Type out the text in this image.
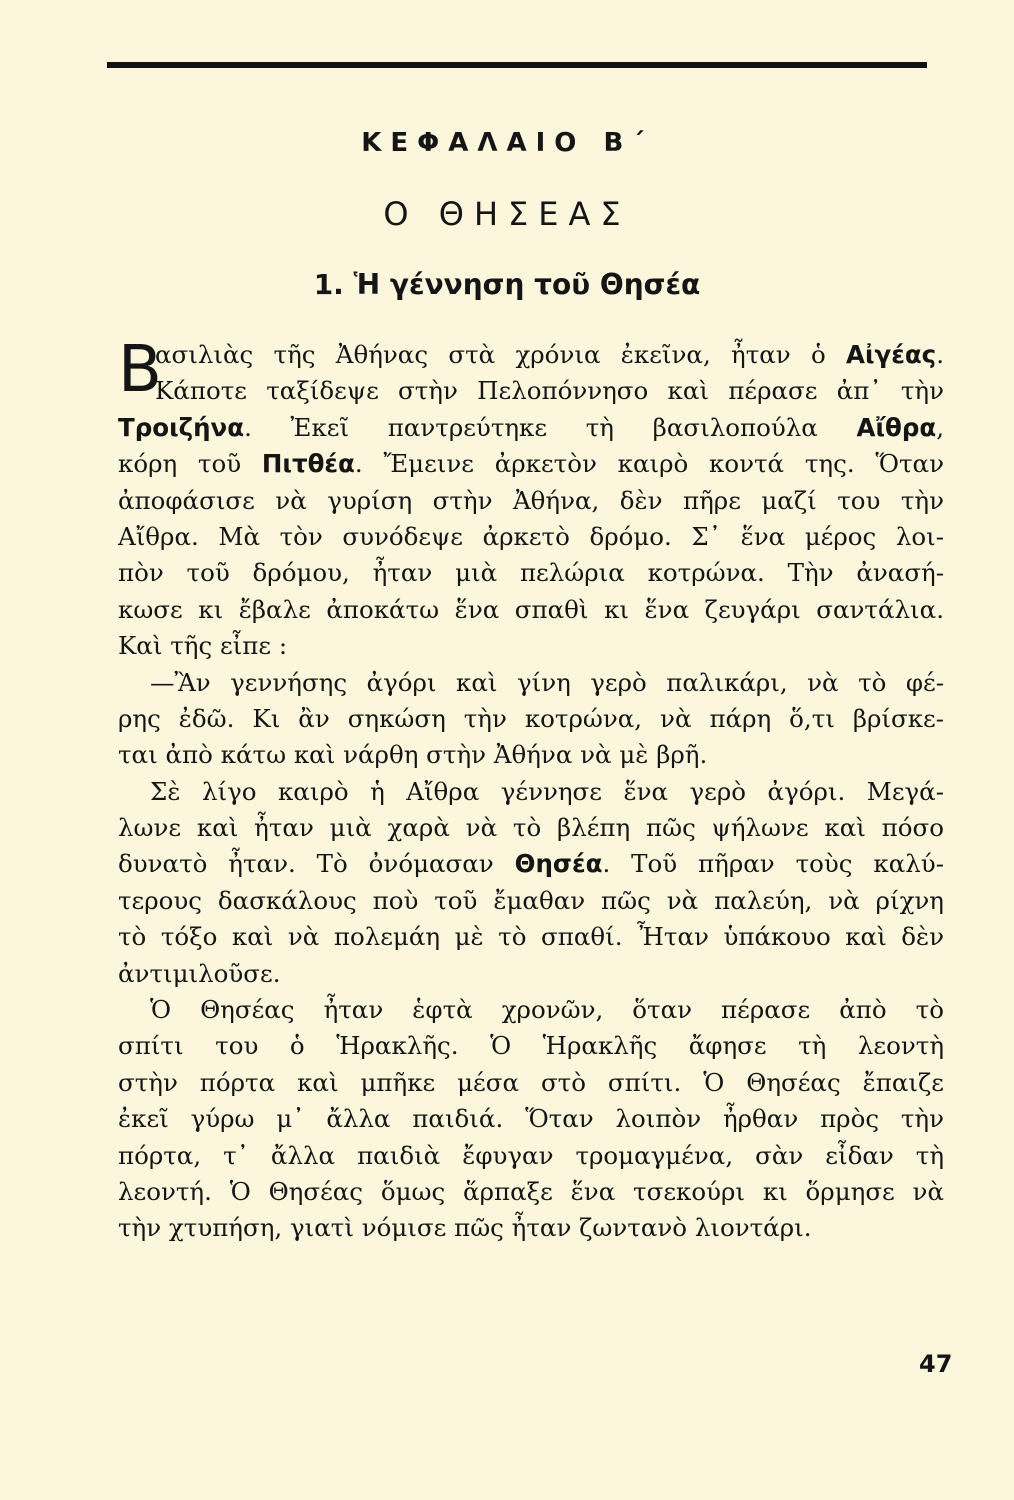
ΚΕΦΑΛΑΙΟ Β΄
Ο ΘΗΣΕΑΣ
1. Ἡ γέννηση τοῦ Θησέα
Β
ασιλιὰς τῆς Ἀθήνας στὰ χρόνια ἐκεῖνα, ἦταν ὁ Αἰγέας.
Κάποτε ταξίδεψε στὴν Πελοπόννησο καὶ πέρασε ἀπ᾽ τὴν
Τροιζήνα. Ἐκεῖ παντρεύτηκε τὴ βασιλοπούλα Αἴθρα,
κόρη τοῦ Πιτθέα. Ἔμεινε ἀρκετὸν καιρὸ κοντά της. Ὅταν
ἀποφάσισε νὰ γυρίση στὴν Ἀθήνα, δὲν πῆρε μαζί του τὴν
Αἴθρα. Μὰ τὸν συνόδεψε ἀρκετὸ δρόμο. Σ᾽ ἕνα μέρος λοι-
πὸν τοῦ δρόμου, ἦταν μιὰ πελώρια κοτρώνα. Τὴν ἀνασή-
κωσε κι ἔβαλε ἀποκάτω ἕνα σπαθὶ κι ἕνα ζευγάρι σαντάλια.
Καὶ τῆς εἶπε :
—Ἂν γεννήσης ἀγόρι καὶ γίνη γερὸ παλικάρι, νὰ τὸ φέ-
ρης ἐδῶ. Κι ἂν σηκώση τὴν κοτρώνα, νὰ πάρη ὅ,τι βρίσκε-
ται ἀπὸ κάτω καὶ νάρθη στὴν Ἀθήνα νὰ μὲ βρῆ.
Σὲ λίγο καιρὸ ἡ Αἴθρα γέννησε ἕνα γερὸ ἀγόρι. Μεγά-
λωνε καὶ ἦταν μιὰ χαρὰ νὰ τὸ βλέπη πῶς ψήλωνε καὶ πόσο
δυνατὸ ἦταν. Τὸ ὀνόμασαν Θησέα. Τοῦ πῆραν τοὺς καλύ-
τερους δασκάλους ποὺ τοῦ ἔμαθαν πῶς νὰ παλεύη, νὰ ρίχνη
τὸ τόξο καὶ νὰ πολεμάη μὲ τὸ σπαθί. Ἦταν ὑπάκουο καὶ δὲν
ἀντιμιλοῦσε.
Ὁ Θησέας ἦταν ἑφτὰ χρονῶν, ὅταν πέρασε ἀπὸ τὸ
σπίτι του ὁ Ἡρακλῆς. Ὁ Ἡρακλῆς ἄφησε τὴ λεοντὴ
στὴν πόρτα καὶ μπῆκε μέσα στὸ σπίτι. Ὁ Θησέας ἔπαιζε
ἐκεῖ γύρω μ᾽ ἄλλα παιδιά. Ὅταν λοιπὸν ἦρθαν πρὸς τὴν
πόρτα, τ᾽ ἄλλα παιδιὰ ἔφυγαν τρομαγμένα, σὰν εἶδαν τὴ
λεοντή. Ὁ Θησέας ὅμως ἅρπαξε ἕνα τσεκούρι κι ὅρμησε νὰ
τὴν χτυπήση, γιατὶ νόμισε πῶς ἦταν ζωντανὸ λιοντάρι.
47
